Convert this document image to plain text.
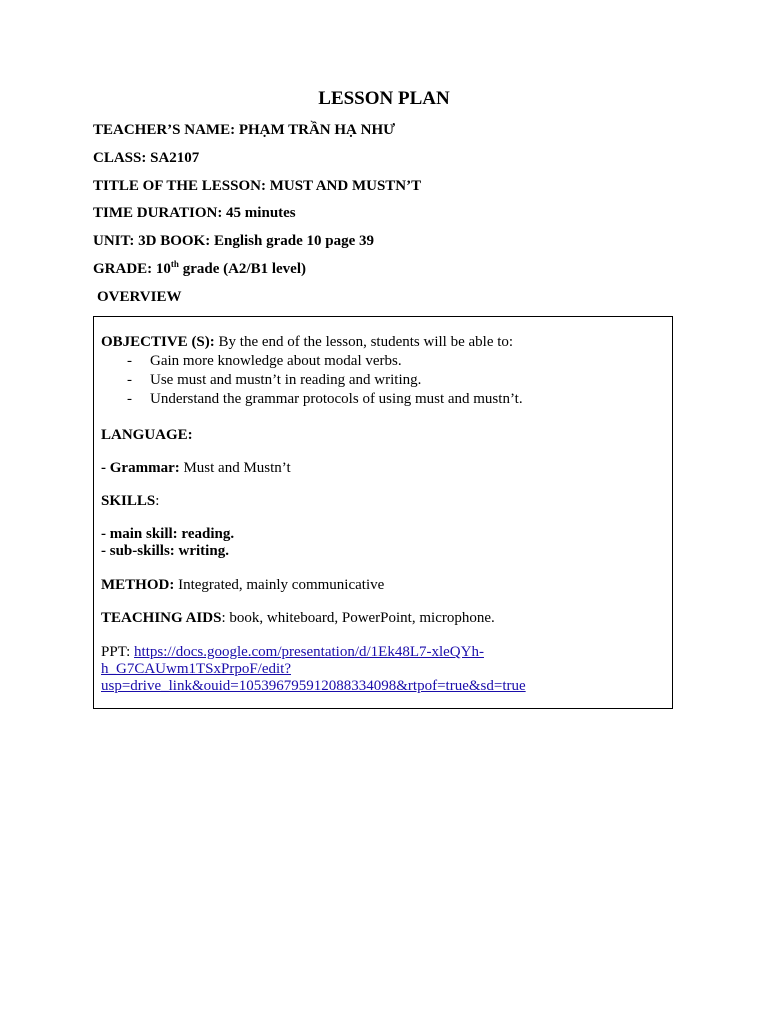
LESSON PLAN
TEACHER’S NAME: PHẠM TRẦN HẠ NHƯ
CLASS: SA2107
TITLE OF THE LESSON: MUST AND MUSTN’T
TIME DURATION: 45 minutes
UNIT: 3D BOOK: English grade 10 page 39
GRADE: 10th grade (A2/B1 level)
OVERVIEW
OBJECTIVE (S): By the end of the lesson, students will be able to:
- Gain more knowledge about modal verbs.
- Use must and mustn’t in reading and writing.
- Understand the grammar protocols of using must and mustn’t.
LANGUAGE:
- Grammar: Must and Mustn’t
SKILLS:
- main skill: reading.
- sub-skills: writing.
METHOD: Integrated, mainly communicative
TEACHING AIDS: book, whiteboard, PowerPoint, microphone.
PPT: https://docs.google.com/presentation/d/1Ek48L7-xleQYh-
h_G7CAUwm1TSxPrpoF/edit?
usp=drive_link&ouid=105396795912088334098&rtpof=true&sd=true
